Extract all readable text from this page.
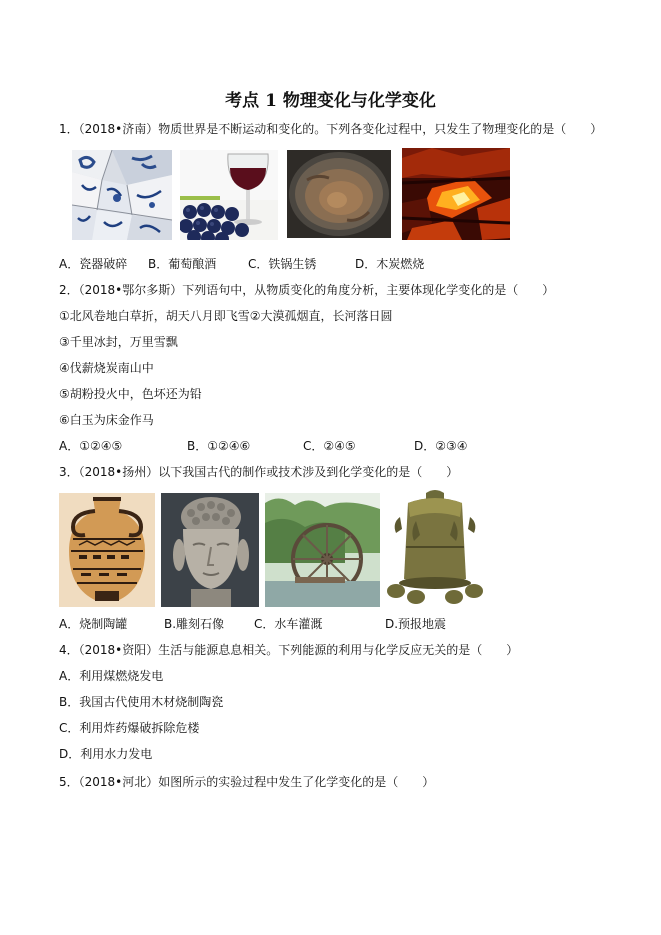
考点 1 物理变化与化学变化
1．（2018•济南）物质世界是不断运动和变化的。下列各变化过程中，只发生了物理变化的是（　　）
A．瓷器破碎 B．葡萄酿酒	C．铁锅生锈	D．木炭燃烧
2．（2018•鄂尔多斯）下列语句中，从物质变化的角度分析，主要体现化学变化的是（　　）
①北风卷地白草折，胡天八月即飞雪②大漠孤烟直，长河落日圆
③千里冰封，万里雪飘
④伐薪烧炭南山中
⑤胡粉投火中，色坏还为铅
⑥白玉为床金作马
A．①②④⑤	B．①②④⑥	C．②④⑤	D．②③④
3．（2018•扬州）以下我国古代的制作或技术涉及到化学变化的是（　　）
A．烧制陶罐	B.雕刻石像 C．水车灌溉	D.预报地震
4．（2018•资阳）生活与能源息息相关。下列能源的利用与化学反应无关的是（　　）
A．利用煤燃烧发电
B．我国古代使用木材烧制陶瓷
C．利用炸药爆破拆除危楼
D．利用水力发电
5．（2018•河北）如图所示的实验过程中发生了化学变化的是（　　）
